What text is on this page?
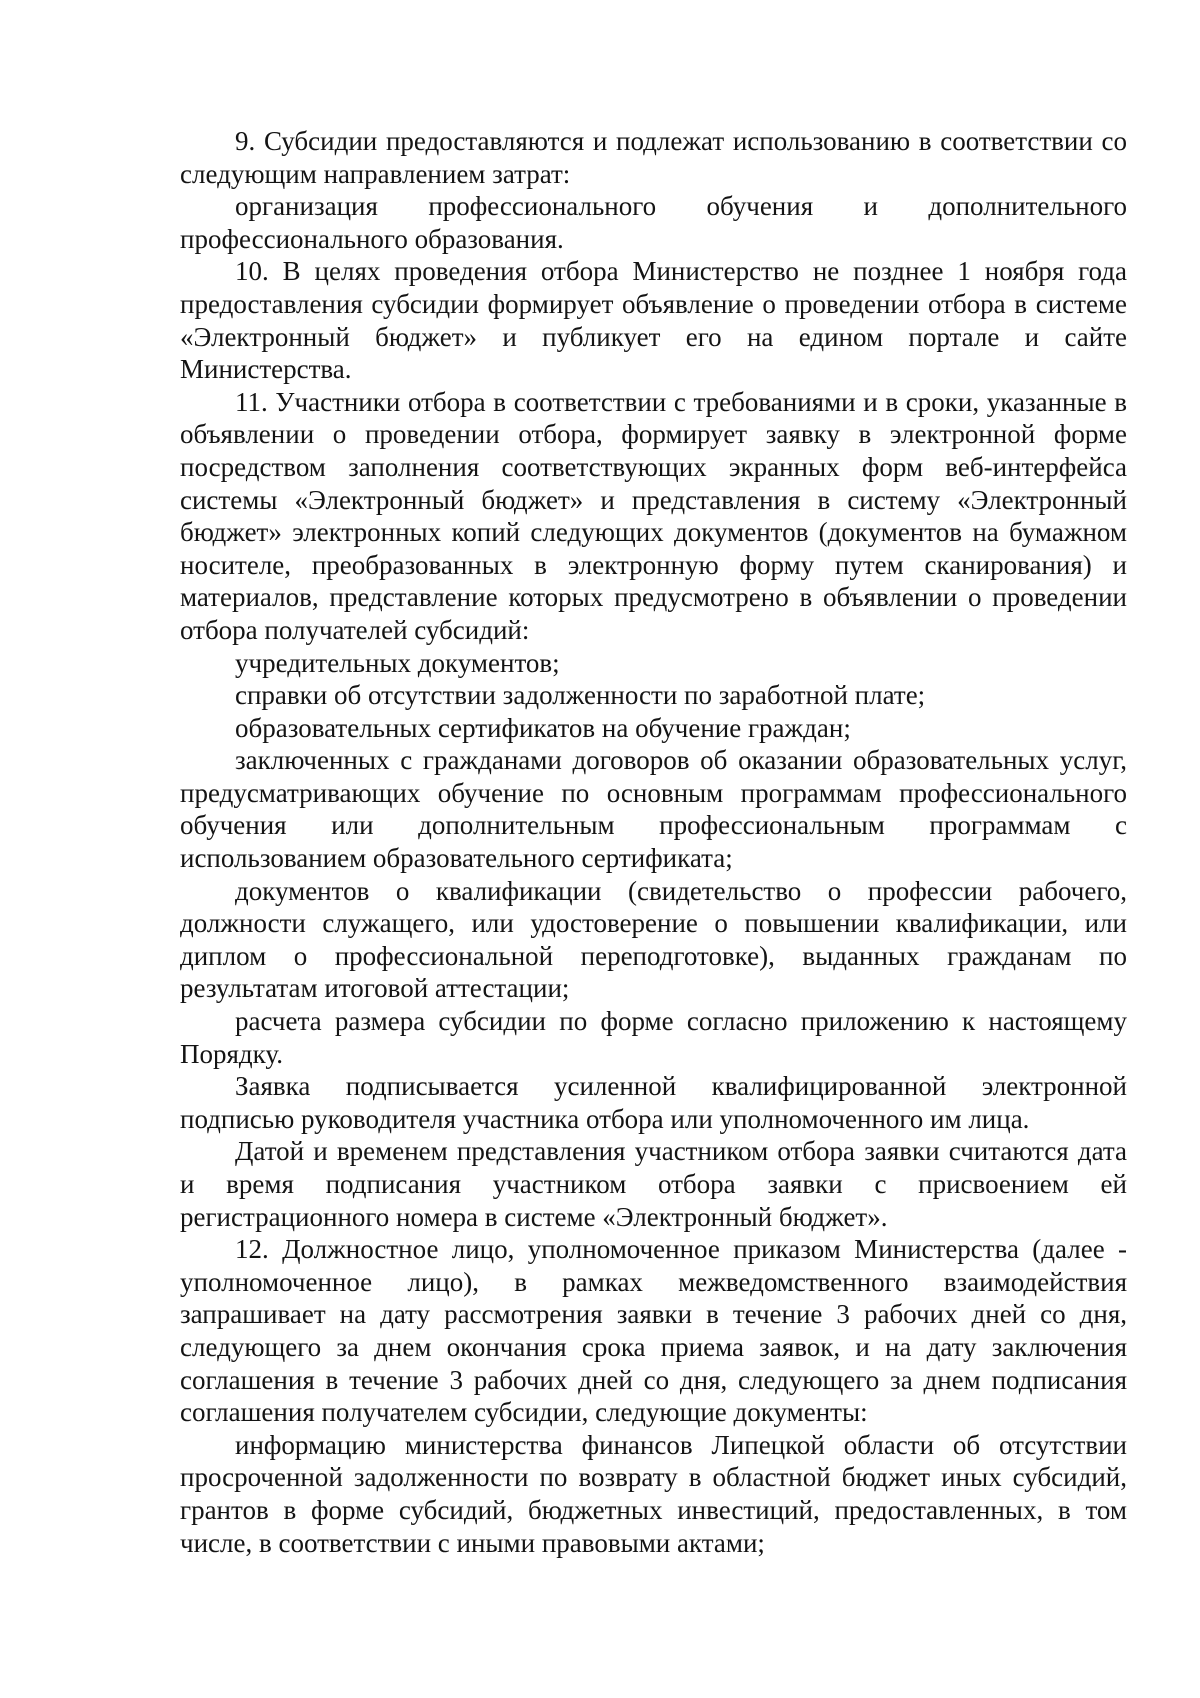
9. Субсидии предоставляются и подлежат использованию в соответствии со следующим направлением затрат:

организация профессионального обучения и дополнительного профессионального образования.

10. В целях проведения отбора Министерство не позднее 1 ноября года предоставления субсидии формирует объявление о проведении отбора в системе «Электронный бюджет» и публикует его на едином портале и сайте Министерства.

11. Участники отбора в соответствии с требованиями и в сроки, указанные в объявлении о проведении отбора, формирует заявку в электронной форме посредством заполнения соответствующих экранных форм веб-интерфейса системы «Электронный бюджет» и представления в систему «Электронный бюджет» электронных копий следующих документов (документов на бумажном носителе, преобразованных в электронную форму путем сканирования) и материалов, представление которых предусмотрено в объявлении о проведении отбора получателей субсидий:

учредительных документов;

справки об отсутствии задолженности по заработной плате;

образовательных сертификатов на обучение граждан;

заключенных с гражданами договоров об оказании образовательных услуг, предусматривающих обучение по основным программам профессионального обучения или дополнительным профессиональным программам с использованием образовательного сертификата;

документов о квалификации (свидетельство о профессии рабочего, должности служащего, или удостоверение о повышении квалификации, или диплом о профессиональной переподготовке), выданных гражданам по результатам итоговой аттестации;

расчета размера субсидии по форме согласно приложению к настоящему Порядку.

Заявка подписывается усиленной квалифицированной электронной подписью руководителя участника отбора или уполномоченного им лица.

Датой и временем представления участником отбора заявки считаются дата и время подписания участником отбора заявки с присвоением ей регистрационного номера в системе «Электронный бюджет».

12. Должностное лицо, уполномоченное приказом Министерства (далее - уполномоченное лицо), в рамках межведомственного взаимодействия запрашивает на дату рассмотрения заявки в течение 3 рабочих дней со дня, следующего за днем окончания срока приема заявок, и на дату заключения соглашения в течение 3 рабочих дней со дня, следующего за днем подписания соглашения получателем субсидии, следующие документы:

информацию министерства финансов Липецкой области об отсутствии просроченной задолженности по возврату в областной бюджет иных субсидий, грантов в форме субсидий, бюджетных инвестиций, предоставленных, в том числе, в соответствии с иными правовыми актами;
